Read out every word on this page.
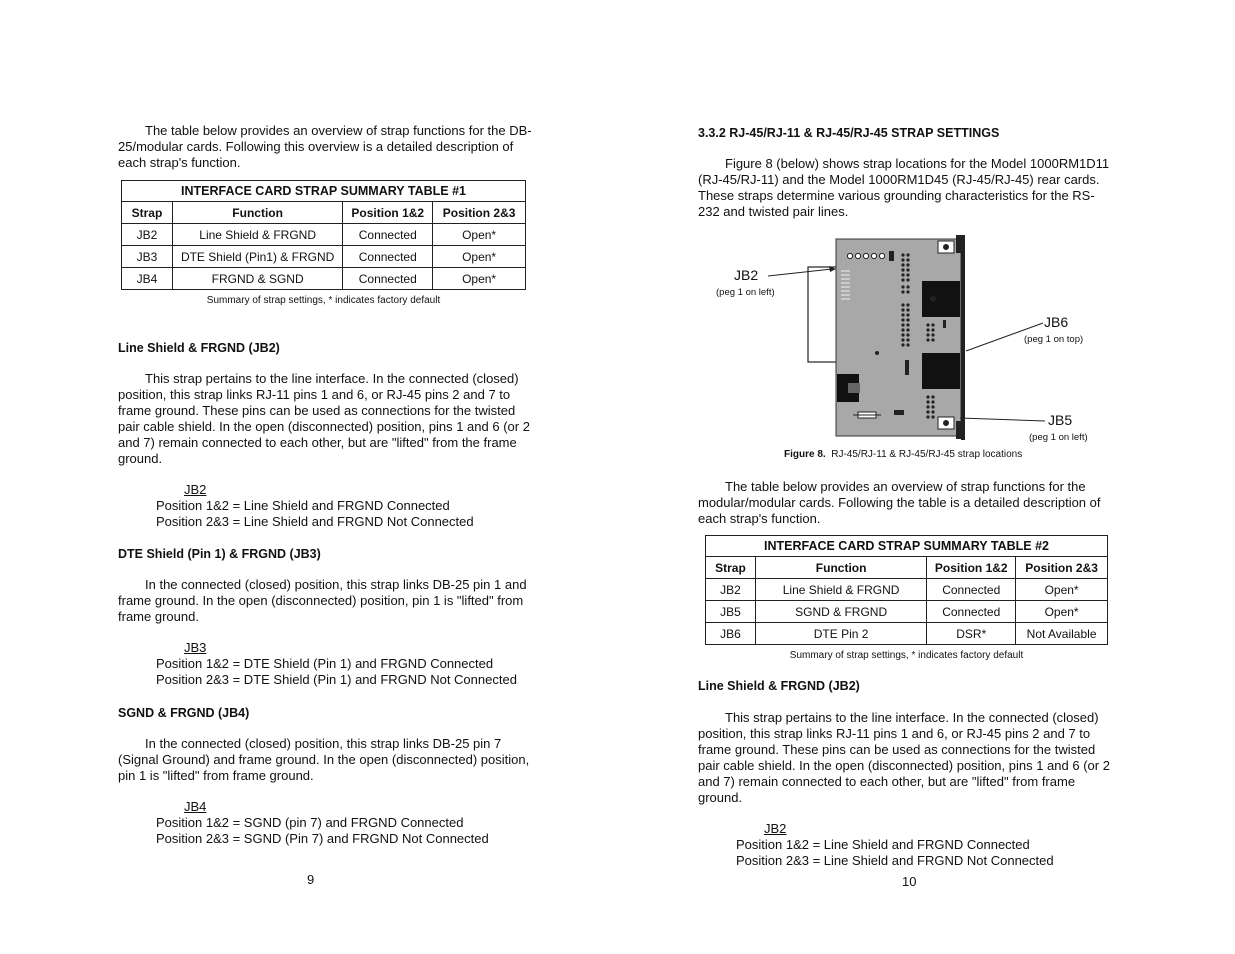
The table below provides an overview of strap functions for the DB-25/modular cards. Following this overview is a detailed description of each strap's function.

INTERFACE CARD STRAP SUMMARY TABLE #1			
Strap	Function	Position 1&2	Position 2&3
JB2	Line Shield & FRGND	Connected	Open*
JB3	DTE Shield (Pin1) & FRGND	Connected	Open*
JB4	FRGND & SGND	Connected	Open*
Summary of strap settings, * indicates factory default

Line Shield & FRGND (JB2)

This strap pertains to the line interface. In the connected (closed) position, this strap links RJ-11 pins 1 and 6, or RJ-45 pins 2 and 7 to frame ground. These pins can be used as connections for the twisted pair cable shield. In the open (disconnected) position, pins 1 and 6 (or 2 and 7) remain connected to each other, but are "lifted" from the frame ground.

JB2
Position 1&2 = Line Shield and FRGND Connected
Position 2&3 = Line Shield and FRGND Not Connected

DTE Shield (Pin 1) & FRGND (JB3)

In the connected (closed) position, this strap links DB-25 pin 1 and frame ground. In the open (disconnected) position, pin 1 is "lifted" from frame ground.

JB3
Position 1&2 = DTE Shield (Pin 1) and FRGND Connected
Position 2&3 = DTE Shield (Pin 1) and FRGND Not Connected

SGND & FRGND (JB4)

In the connected (closed) position, this strap links DB-25 pin 7 (Signal Ground) and frame ground. In the open (disconnected) position, pin 1 is "lifted" from frame ground.

JB4
Position 1&2 = SGND (pin 7) and FRGND Connected
Position 2&3 = SGND (Pin 7) and FRGND Not Connected
9

3.3.2 RJ-45/RJ-11 & RJ-45/RJ-45 STRAP SETTINGS

Figure 8 (below) shows strap locations for the Model 1000RM1D11 (RJ-45/RJ-11) and the Model 1000RM1D45 (RJ-45/RJ-45) rear cards. These straps determine various grounding characteristics for the RS-232 and twisted pair lines.

JB2
(peg 1 on left)
JB6
(peg 1 on top)
JB5
(peg 1 on left)
Figure 8. RJ-45/RJ-11 & RJ-45/RJ-45 strap locations

The table below provides an overview of strap functions for the modular/modular cards. Following the table is a detailed description of each strap's function.

INTERFACE CARD STRAP SUMMARY TABLE #2			
Strap	Function	Position 1&2	Position 2&3
JB2	Line Shield & FRGND	Connected	Open*
JB5	SGND & FRGND	Connected	Open*
JB6	DTE Pin 2	DSR*	Not Available
Summary of strap settings, * indicates factory default

Line Shield & FRGND (JB2)

This strap pertains to the line interface. In the connected (closed) position, this strap links RJ-11 pins 1 and 6, or RJ-45 pins 2 and 7 to frame ground. These pins can be used as connections for the twisted pair cable shield. In the open (disconnected) position, pins 1 and 6 (or 2 and 7) remain connected to each other, but are "lifted" from frame ground.

JB2
Position 1&2 = Line Shield and FRGND Connected
Position 2&3 = Line Shield and FRGND Not Connected
10
